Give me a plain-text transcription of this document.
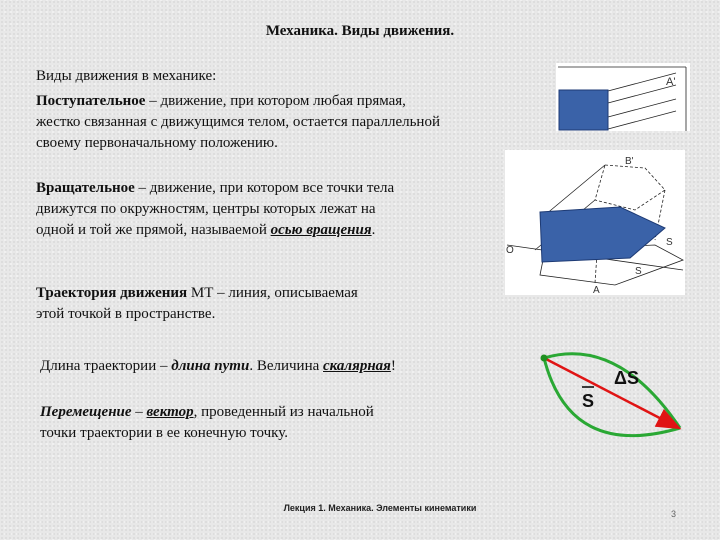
Механика. Виды движения.
Виды движения в механике:
Поступательное – движение, при котором любая прямая,
жестко связанная с движущимся телом, остается параллельной
своему первоначальному положению.
Вращательное – движение, при котором все точки тела
движутся по окружностям, центры которых лежат на
одной и той же прямой, называемой осью вращения.
Траектория движения МТ – линия, описываемая
этой точкой в пространстве.
Длина траектории – длина пути. Величина скалярная!
Перемещение – вектор, проведенный из начальной
точки траектории в ее конечную точку.
A'
B'
O
S
S
A
ΔS
S
Лекция 1. Механика. Элементы кинематики
3
